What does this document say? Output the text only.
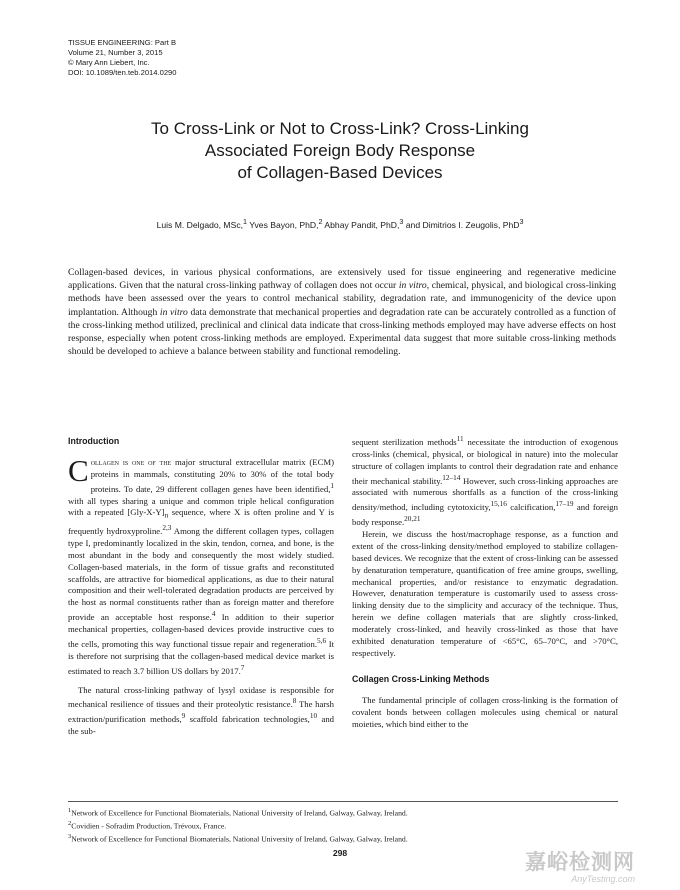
TISSUE ENGINEERING: Part B
Volume 21, Number 3, 2015
© Mary Ann Liebert, Inc.
DOI: 10.1089/ten.teb.2014.0290
To Cross-Link or Not to Cross-Link? Cross-Linking
Associated Foreign Body Response
of Collagen-Based Devices
Luis M. Delgado, MSc,$^1$ Yves Bayon, PhD,$^2$ Abhay Pandit, PhD,$^3$ and Dimitrios I. Zeugolis, PhD$^3$
Collagen-based devices, in various physical conformations, are extensively used for tissue engineering and regenerative medicine applications. Given that the natural cross-linking pathway of collagen does not occur in vitro, chemical, physical, and biological cross-linking methods have been assessed over the years to control mechanical stability, degradation rate, and immunogenicity of the device upon implantation. Although in vitro data demonstrate that mechanical properties and degradation rate can be accurately controlled as a function of the cross-linking method utilized, preclinical and clinical data indicate that cross-linking methods employed may have adverse effects on host response, especially when potent cross-linking methods are employed. Experimental data suggest that more suitable cross-linking methods should be developed to achieve a balance between stability and functional remodeling.
Introduction

Collagen is one of the major structural extracellular matrix (ECM) proteins in mammals, constituting 20% to 30% of the total body proteins. To date, 29 different collagen genes have been identified,$^1$ with all types sharing a unique and common triple helical configuration with a repeated $[Gly-X-Y]_n$ sequence, where X is often proline and Y is frequently hydroxyproline.$^{2,3}$ Among the different collagen types, collagen type I, predominantly localized in the skin, tendon, cornea, and bone, is the most abundant in the body and consequently the most widely studied. Collagen-based materials, in the form of tissue grafts and reconstituted scaffolds, are attractive for biomedical applications, as due to their natural composition and their well-tolerated degradation products are perceived by the host as normal constituents rather than as foreign matter and therefore provide an acceptable host response.$^4$ In addition to their superior mechanical properties, collagen-based devices provide instructive cues to the cells, promoting this way functional tissue repair and regeneration.$^{5,6}$ It is therefore not surprising that the collagen-based medical device market is estimated to reach 3.7 billion US dollars by 2017.$^7$

The natural cross-linking pathway of lysyl oxidase is responsible for mechanical resilience of tissues and their proteolytic resistance.$^8$ The harsh extraction/purification methods,$^9$ scaffold fabrication technologies,$^{10}$ and the sub-

sequent sterilization methods$^{11}$ necessitate the introduction of exogenous cross-links (chemical, physical, or biological in nature) into the molecular structure of collagen implants to control their degradation rate and enhance their mechanical stability.$^{12-14}$ However, such cross-linking approaches are associated with numerous shortfalls as a function of the cross-linking density/method, including cytotoxicity,$^{15,16}$ calcification,$^{17-19}$ and foreign body response.$^{20,21}$

Herein, we discuss the host/macrophage response, as a function and extent of the cross-linking density/method employed to stabilize collagen-based devices. We recognize that the extent of cross-linking can be assessed by denaturation temperature, quantification of free amine groups, swelling, mechanical properties, and/or resistance to enzymatic degradation. However, denaturation temperature is customarily used to assess cross-linking density due to the simplicity and accuracy of the technique. Thus, herein we define collagen materials that are slightly cross-linked, moderately cross-linked, and heavily cross-linked as those that have exhibited denaturation temperature of <65°C, 65–70°C, and >70°C, respectively.

Collagen Cross-Linking Methods

The fundamental principle of collagen cross-linking is the formation of covalent bonds between collagen molecules using chemical or natural moieties, which bind either to the

$^1$Network of Excellence for Functional Biomaterials, National University of Ireland, Galway, Galway, Ireland.
$^2$Covidien - Sofradim Production, Trévoux, France.
$^3$Network of Excellence for Functional Biomaterials, National University of Ireland, Galway, Galway, Ireland.
298	嘉峪检测网
AnyTesting.com
